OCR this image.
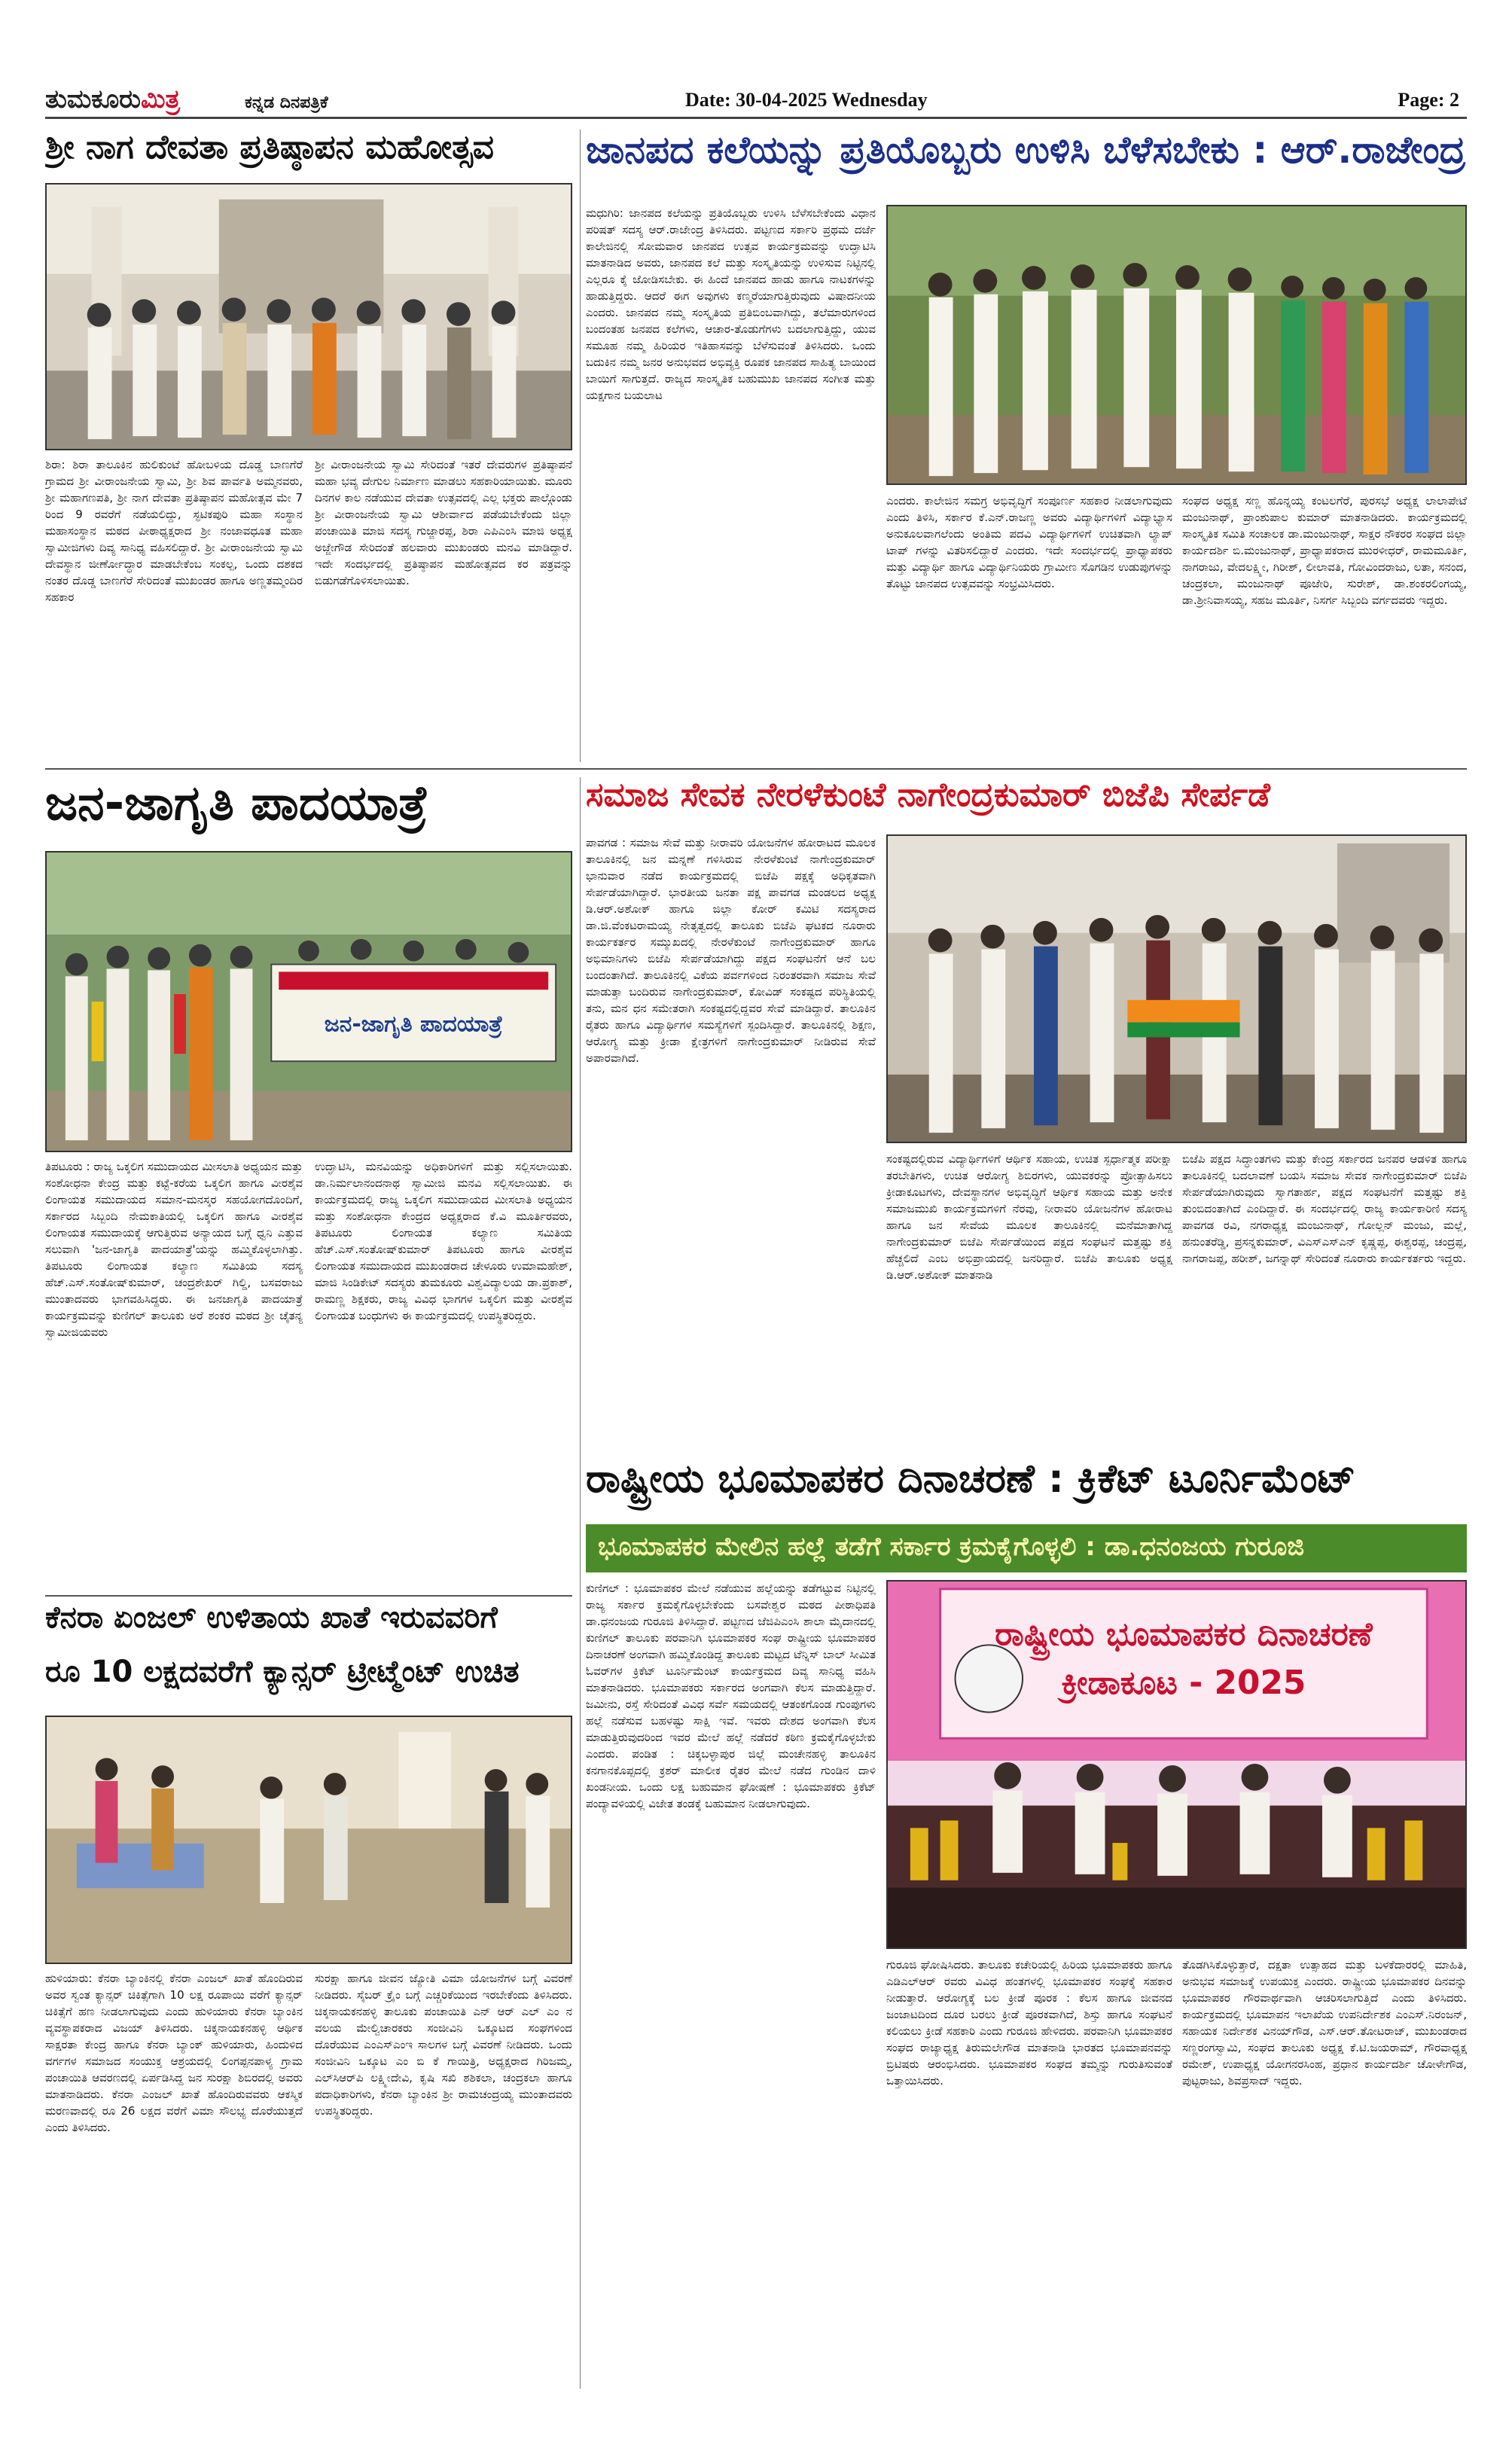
ತುಮಕೂರುಮಿತ್ರ	ಕನ್ನಡ ದಿನಪತ್ರಿಕೆ	Date: 30-04-2025 Wednesday	Page: 2
ಶ್ರೀ ನಾಗ ದೇವತಾ ಪ್ರತಿಷ್ಠಾಪನ ಮಹೋತ್ಸವ
ಶಿರಾ: ಶಿರಾ ತಾಲೂಕಿನ ಹುಲಿಕುಂಟೆ ಹೋಬಳಿಯ ದೊಡ್ಡ ಬಾಣಗೆರೆ ಗ್ರಾಮದ ಶ್ರೀ ವೀರಾಂಜನೇಯ ಸ್ವಾಮಿ, ಶ್ರೀ ಶಿವ ಪಾರ್ವತಿ ಅಮ್ಮನವರು, ಶ್ರೀ ಮಹಾಗಣಪತಿ, ಶ್ರೀ ನಾಗ ದೇವತಾ ಪ್ರತಿಷ್ಠಾಪನ ಮಹೋತ್ಸವ ಮೇ 7 ರಿಂದ 9 ರವರೆಗೆ ನಡೆಯಲಿದ್ದು, ಸ್ಫಟಿಕಪುರಿ ಮಹಾ ಸಂಸ್ಥಾನ ಮಹಾಸಂಸ್ಥಾನ ಮಠದ ಪೀಠಾಧ್ಯಕ್ಷರಾದ ಶ್ರೀ ನಂಜಾವಧೂತ ಮಹಾ ಸ್ವಾಮೀಜಿಗಳು ದಿವ್ಯ ಸಾನಿಧ್ಯ ವಹಿಸಲಿದ್ದಾರೆ. ಶ್ರೀ ವೀರಾಂಜನೇಯ ಸ್ವಾಮಿ ದೇವಸ್ಥಾನ ಜೀರ್ಣೋದ್ಧಾರ ಮಾಡಬೇಕೆಂಬ ಸಂಕಲ್ಪ, ಒಂದು ದಶಕದ ನಂತರ ದೊಡ್ಡ ಬಾಣಗೆರೆ ಸೇರಿದಂತೆ ಮುಖಂಡರ ಹಾಗೂ ಅಣ್ಣತಮ್ಮಂದಿರ ಸಹಕಾರ
ಶ್ರೀ ವೀರಾಂಜನೇಯ ಸ್ವಾಮಿ ಸೇರಿದಂತೆ ಇತರೆ ದೇವರುಗಳ ಪ್ರತಿಷ್ಠಾಪನೆ ಮಹಾ ಭವ್ಯ ದೇಗುಲ ನಿರ್ಮಾಣ ಮಾಡಲು ಸಹಕಾರಿಯಾಯಿತು. ಮೂರು ದಿನಗಳ ಕಾಲ ನಡೆಯುವ ದೇವತಾ ಉತ್ಸವದಲ್ಲಿ ಎಲ್ಲ ಭಕ್ತರು ಪಾಲ್ಗೊಂಡು ಶ್ರೀ ವೀರಾಂಜನೇಯ ಸ್ವಾಮಿ ಆಶೀರ್ವಾದ ಪಡೆಯಬೇಕೆಂದು ಜಿಲ್ಲಾ ಪಂಚಾಯಿತಿ ಮಾಜಿ ಸದಸ್ಯ ಗುಜ್ಜಾರಪ್ಪ, ಶಿರಾ ಎಪಿಎಂಸಿ ಮಾಜಿ ಅಧ್ಯಕ್ಷ ಅಜ್ಜೇಗೌಡ ಸೇರಿದಂತೆ ಹಲವಾರು ಮುಖಂಡರು ಮನವಿ ಮಾಡಿದ್ದಾರೆ. ಇದೇ ಸಂದರ್ಭದಲ್ಲಿ ಪ್ರತಿಷ್ಠಾಪನ ಮಹೋತ್ಸವದ ಕರ ಪತ್ರವನ್ನು ಬಿಡುಗಡೆಗೊಳಿಸಲಾಯಿತು.
ಜಾನಪದ ಕಲೆಯನ್ನು ಪ್ರತಿಯೊಬ್ಬರು ಉಳಿಸಿ ಬೆಳೆಸಬೇಕು : ಆರ್.ರಾಜೇಂದ್ರ
ಮಧುಗಿರಿ: ಜಾನಪದ ಕಲೆಯನ್ನು ಪ್ರತಿಯೊಬ್ಬರು ಉಳಿಸಿ ಬೆಳೆಸಬೇಕೆಂದು ವಿಧಾನ ಪರಿಷತ್ ಸದಸ್ಯ ಆರ್.ರಾಜೇಂದ್ರ ತಿಳಿಸಿದರು. ಪಟ್ಟಣದ ಸರ್ಕಾರಿ ಪ್ರಥಮ ದರ್ಜೆ ಕಾಲೇಜಿನಲ್ಲಿ ಸೋಮವಾರ ಜಾನಪದ ಉತ್ಸವ ಕಾರ್ಯಕ್ರಮವನ್ನು ಉದ್ಘಾಟಿಸಿ ಮಾತನಾಡಿದ ಅವರು, ಜಾನಪದ ಕಲೆ ಮತ್ತು ಸಂಸ್ಕೃತಿಯನ್ನು ಉಳಿಸುವ ನಿಟ್ಟಿನಲ್ಲಿ ಎಲ್ಲರೂ ಕೈ ಜೋಡಿಸಬೇಕು. ಈ ಹಿಂದೆ ಜಾನಪದ ಹಾಡು ಹಾಗೂ ನಾಟಕಗಳನ್ನು ಹಾಡುತ್ತಿದ್ದರು. ಆದರೆ ಈಗ ಅವುಗಳು ಕಣ್ಮರೆಯಾಗುತ್ತಿರುವುದು ವಿಷಾದನೀಯ ಎಂದರು. ಜಾನಪದ ನಮ್ಮ ಸಂಸ್ಕೃತಿಯ ಪ್ರತಿಬಿಂಬವಾಗಿದ್ದು, ತಲೆಮಾರುಗಳಿಂದ ಬಂದಂತಹ ಜನಪದ ಕಲೆಗಳು, ಆಚಾರ-ತೊಡುಗೆಗಳು ಬದಲಾಗುತ್ತಿದ್ದು, ಯುವ ಸಮೂಹ ನಮ್ಮ ಹಿರಿಯರ ಇತಿಹಾಸವನ್ನು ಬೆಳೆಸುವಂತೆ ತಿಳಿಸಿದರು. ಒಂದು ಬದುಕಿನ ನಮ್ಮ ಜನರ ಅನುಭವದ ಅಭಿವ್ಯಕ್ತಿ ರೂಪಕ ಜಾನಪದ ಸಾಹಿತ್ಯ ಬಾಯಿಂದ ಬಾಯಿಗೆ ಸಾಗುತ್ತದೆ. ರಾಜ್ಯದ ಸಾಂಸ್ಕೃತಿಕ ಬಹುಮುಖ ಜಾನಪದ ಸಂಗೀತ ಮತ್ತು ಯಕ್ಷಗಾನ ಬಯಲಾಟ
ಎಂದರು. ಕಾಲೇಜಿನ ಸಮಗ್ರ ಅಭಿವೃದ್ಧಿಗೆ ಸಂಪೂರ್ಣ ಸಹಕಾರ ನೀಡಲಾಗುವುದು ಎಂದು ತಿಳಿಸಿ, ಸರ್ಕಾರ ಕೆ.ಎನ್.ರಾಜಣ್ಣ ಅವರು ವಿದ್ಯಾರ್ಥಿಗಳಿಗೆ ವಿದ್ಯಾಭ್ಯಾಸ ಅನುಕೂಲವಾಗಲೆಂದು ಅಂತಿಮ ಪದವಿ ವಿದ್ಯಾರ್ಥಿಗಳಿಗೆ ಉಚಿತವಾಗಿ ಲ್ಯಾಪ್ ಟಾಪ್ ಗಳನ್ನು ವಿತರಿಸಲಿದ್ದಾರೆ ಎಂದರು. ಇದೇ ಸಂದರ್ಭದಲ್ಲಿ ಪ್ರಾಧ್ಯಾಪಕರು ಮತ್ತು ವಿದ್ಯಾರ್ಥಿ ಹಾಗೂ ವಿದ್ಯಾರ್ಥಿನಿಯರು ಗ್ರಾಮೀಣ ಸೊಗಡಿನ ಉಡುಪುಗಳನ್ನು ತೊಟ್ಟು ಜಾನಪದ ಉತ್ಸವವನ್ನು ಸಂಭ್ರಮಿಸಿದರು.
ಸಂಘದ ಅಧ್ಯಕ್ಷ ಸಣ್ಣ ಹೊನ್ನಯ್ಯ ಕಂಟಲಗೆರೆ, ಪುರಸಭೆ ಅಧ್ಯಕ್ಷ ಲಾಲಾಪೇಟೆ ಮಂಜುನಾಥ್, ಪ್ರಾಂಶುಪಾಲ ಕುಮಾರ್ ಮಾತನಾಡಿದರು. ಕಾರ್ಯಕ್ರಮದಲ್ಲಿ ಸಾಂಸ್ಕೃತಿಕ ಸಮಿತಿ ಸಂಚಾಲಕ ಡಾ.ಮಂಜುನಾಥ್, ಸಾಕ್ಷರ ನೌಕರರ ಸಂಘದ ಜಿಲ್ಲಾ ಕಾರ್ಯದರ್ಶಿ ಬಿ.ಮಂಜುನಾಥ್, ಪ್ರಾಧ್ಯಾಪಕರಾದ ಮುರಳೀಧರ್, ರಾಮಮೂರ್ತಿ, ನಾಗರಾಜು, ವೇದಲಕ್ಷ್ಮೀ, ಗಿರೀಶ್, ಲೀಲಾವತಿ, ಗೋವಿಂದರಾಜು, ಲತಾ, ಸನಂದ, ಚಂದ್ರಕಲಾ, ಮಂಜುನಾಥ್ ಪೂಜೇರಿ, ಸುರೇಶ್, ಡಾ.ಶಂಕರಲಿಂಗಯ್ಯ, ಡಾ.ಶ್ರೀನಿವಾಸಯ್ಯ, ಸಹಜ ಮೂರ್ತಿ, ನಿಸರ್ಗ ಸಿಬ್ಬಂದಿ ವರ್ಗದವರು ಇದ್ದರು.
ಜನ-ಜಾಗೃತಿ ಪಾದಯಾತ್ರೆ
ಜನ-ಜಾಗೃತಿ ಪಾದಯಾತ್ರೆ
ತಿಪಟೂರು : ರಾಜ್ಯ ಒಕ್ಕಲಿಗ ಸಮುದಾಯದ ಮೀಸಲಾತಿ ಅಧ್ಯಯನ ಮತ್ತು ಸಂಶೋಧನಾ ಕೇಂದ್ರ ಮತ್ತು ಕಟ್ಟೆ-ಕರೆಯ ಒಕ್ಕಲಿಗ ಹಾಗೂ ವೀರಶೈವ ಲಿಂಗಾಯತ ಸಮುದಾಯದ ಸಮಾನ-ಮನಸ್ಕರ ಸಹಯೋಗದೊಂದಿಗೆ, ಸರ್ಕಾರದ ಸಿಬ್ಬಂದಿ ನೇಮಕಾತಿಯಲ್ಲಿ ಒಕ್ಕಲಿಗ ಹಾಗೂ ವೀರಶೈವ ಲಿಂಗಾಯತ ಸಮುದಾಯಕ್ಕೆ ಆಗುತ್ತಿರುವ ಅನ್ಯಾಯದ ಬಗ್ಗೆ ಧ್ವನಿ ಎತ್ತುವ ಸಲುವಾಗಿ 'ಜನ-ಜಾಗೃತಿ ಪಾದಯಾತ್ರೆ'ಯನ್ನು ಹಮ್ಮಿಕೊಳ್ಳಲಾಗಿತ್ತು. ತಿಪಟೂರು ಲಿಂಗಾಯತ ಕಲ್ಯಾಣ ಸಮಿತಿಯ ಸದಸ್ಯ ಹೆಚ್.ಎಸ್.ಸಂತೋಷ್‌ಕುಮಾರ್, ಚಂದ್ರಶೇಖರ್ ಗಿಲ್ಡಿ, ಬಸವರಾಜು ಮುಂತಾದವರು ಭಾಗವಹಿಸಿದ್ದರು. ಈ ಜನಜಾಗೃತಿ ಪಾದಯಾತ್ರೆ ಕಾರ್ಯಕ್ರಮವನ್ನು ಕುಣಿಗಲ್ ತಾಲೂಕು ಅರೆ ಶಂಕರ ಮಠದ ಶ್ರೀ ಚೈತನ್ಯ ಸ್ವಾಮೀಜಿಯವರು
ಉದ್ಘಾಟಿಸಿ, ಮನವಿಯನ್ನು ಅಧಿಕಾರಿಗಳಿಗೆ ಮತ್ತು ಸಲ್ಲಿಸಲಾಯಿತು. ಡಾ.ನಿರ್ಮಲಾನಂದನಾಥ ಸ್ವಾಮೀಜಿ ಮನವಿ ಸಲ್ಲಿಸಲಾಯಿತು. ಈ ಕಾರ್ಯಕ್ರಮದಲ್ಲಿ ರಾಜ್ಯ ಒಕ್ಕಲಿಗ ಸಮುದಾಯದ ಮೀಸಲಾತಿ ಅಧ್ಯಯನ ಮತ್ತು ಸಂಶೋಧನಾ ಕೇಂದ್ರದ ಅಧ್ಯಕ್ಷರಾದ ಕೆ.ವಿ ಮೂರ್ತಿರವರು, ತಿಪಟೂರು ಲಿಂಗಾಯತ ಕಲ್ಯಾಣ ಸಮಿತಿಯ ಹೆಚ್.ಎಸ್.ಸಂತೋಷ್‌ಕುಮಾರ್ ತಿಪಟೂರು ಹಾಗೂ ವೀರಶೈವ ಲಿಂಗಾಯತ ಸಮುದಾಯದ ಮುಖಂಡರಾದ ಚೇಳೂರು ಉಮಾಮಹೇಶ್, ಮಾಜಿ ಸಿಂಡಿಕೇಟ್ ಸದಸ್ಯರು ತುಮಕೂರು ವಿಶ್ವವಿದ್ಯಾಲಯ ಡಾ.ಪ್ರಕಾಶ್, ರಾಮಣ್ಣ ಶಿಕ್ಷಕರು, ರಾಜ್ಯ ವಿವಿಧ ಭಾಗಗಳ ಒಕ್ಕಲಿಗ ಮತ್ತು ವೀರಶೈವ ಲಿಂಗಾಯತ ಬಂಧುಗಳು ಈ ಕಾರ್ಯಕ್ರಮದಲ್ಲಿ ಉಪಸ್ಥಿತರಿದ್ದರು.
ಸಮಾಜ ಸೇವಕ ನೇರಳೆಕುಂಟೆ ನಾಗೇಂದ್ರಕುಮಾರ್ ಬಿಜೆಪಿ ಸೇರ್ಪಡೆ
ಪಾವಗಡ : ಸಮಾಜ ಸೇವೆ ಮತ್ತು ನೀರಾವರಿ ಯೋಜನೆಗಳ ಹೋರಾಟದ ಮೂಲಕ ತಾಲೂಕಿನಲ್ಲಿ ಜನ ಮನ್ನಣೆ ಗಳಿಸಿರುವ ನೇರಳೆಕುಂಟೆ ನಾಗೇಂದ್ರಕುಮಾರ್ ಭಾನುವಾರ ನಡೆದ ಕಾರ್ಯಕ್ರಮದಲ್ಲಿ ಬಿಜೆಪಿ ಪಕ್ಷಕ್ಕೆ ಅಧಿಕೃತವಾಗಿ ಸೇರ್ಪಡೆಯಾಗಿದ್ದಾರೆ. ಭಾರತೀಯ ಜನತಾ ಪಕ್ಷ ಪಾವಗಡ ಮಂಡಲದ ಅಧ್ಯಕ್ಷ ಡಿ.ಆರ್.ಅಶೋಕ್ ಹಾಗೂ ಜಿಲ್ಲಾ ಕೋರ್ ಕಮಿಟಿ ಸದಸ್ಯರಾದ ಡಾ.ಜಿ.ವೆಂಕಟರಾಮಯ್ಯ ನೇತೃತ್ವದಲ್ಲಿ ತಾಲೂಕು ಬಿಜೆಪಿ ಘಟಕದ ನೂರಾರು ಕಾರ್ಯಕರ್ತರ ಸಮ್ಮುಖದಲ್ಲಿ ನೇರಳೆಕುಂಟೆ ನಾಗೇಂದ್ರಕುಮಾರ್ ಹಾಗೂ ಅಭಿಮಾನಿಗಳು ಬಿಜೆಪಿ ಸೇರ್ಪಡೆಯಾಗಿದ್ದು ಪಕ್ಷದ ಸಂಘಟನೆಗೆ ಆನೆ ಬಲ ಬಂದಂತಾಗಿದೆ. ತಾಲೂಕಿನಲ್ಲಿ ವಿಕೆಯ ಪರ್ವಗಳಿಂದ ನಿರಂತರವಾಗಿ ಸಮಾಜ ಸೇವೆ ಮಾಡುತ್ತಾ ಬಂದಿರುವ ನಾಗೇಂದ್ರಕುಮಾರ್, ಕೋವಿಡ್ ಸಂಕಷ್ಟದ ಪರಿಸ್ಥಿತಿಯಲ್ಲಿ ತನು, ಮನ ಧನ ಸಮೇತರಾಗಿ ಸಂಕಷ್ಟದಲ್ಲಿದ್ದವರ ಸೇವೆ ಮಾಡಿದ್ದಾರೆ. ತಾಲೂಕಿನ ರೈತರು ಹಾಗೂ ವಿದ್ಯಾರ್ಥಿಗಳ ಸಮಸ್ಯೆಗಳಿಗೆ ಸ್ಪಂದಿಸಿದ್ದಾರೆ. ತಾಲೂಕಿನಲ್ಲಿ ಶಿಕ್ಷಣ, ಆರೋಗ್ಯ ಮತ್ತು ಕ್ರೀಡಾ ಕ್ಷೇತ್ರಗಳಿಗೆ ನಾಗೇಂದ್ರಕುಮಾರ್ ನೀಡಿರುವ ಸೇವೆ ಅಪಾರವಾಗಿದೆ.
ಸಂಕಷ್ಟದಲ್ಲಿರುವ ವಿದ್ಯಾರ್ಥಿಗಳಿಗೆ ಆರ್ಥಿಕ ಸಹಾಯ, ಉಚಿತ ಸ್ಪರ್ಧಾತ್ಮಕ ಪರೀಕ್ಷಾ ತರಬೇತಿಗಳು, ಉಚಿತ ಆರೋಗ್ಯ ಶಿಬಿರಗಳು, ಯುವಕರನ್ನು ಪ್ರೋತ್ಸಾಹಿಸಲು ಕ್ರೀಡಾಕೂಟಗಳು, ದೇವಸ್ಥಾನಗಳ ಅಭಿವೃದ್ಧಿಗೆ ಆರ್ಥಿಕ ಸಹಾಯ ಮತ್ತು ಅನೇಕ ಸಮಾಜಮುಖಿ ಕಾರ್ಯಕ್ರಮಗಳಿಗೆ ನೆರವು, ನೀರಾವರಿ ಯೋಜನೆಗಳ ಹೋರಾಟ ಹಾಗೂ ಜನ ಸೇವೆಯ ಮೂಲಕ ತಾಲೂಕಿನಲ್ಲಿ ಮನೆಮಾತಾಗಿದ್ದ ನಾಗೇಂದ್ರಕುಮಾರ್ ಬಿಜೆಪಿ ಸೇರ್ಪಡೆಯಿಂದ ಪಕ್ಷದ ಸಂಘಟನೆ ಮತ್ತಷ್ಟು ಶಕ್ತಿ ಹೆಚ್ಚಲಿದೆ ಎಂಬ ಅಭಿಪ್ರಾಯದಲ್ಲಿ ಜನರಿದ್ದಾರೆ. ಬಿಜೆಪಿ ತಾಲೂಕು ಅಧ್ಯಕ್ಷ ಡಿ.ಆರ್.ಅಶೋಕ್ ಮಾತನಾಡಿ
ಬಿಜೆಪಿ ಪಕ್ಷದ ಸಿದ್ಧಾಂತಗಳು ಮತ್ತು ಕೇಂದ್ರ ಸರ್ಕಾರದ ಜನಪರ ಆಡಳಿತ ಹಾಗೂ ತಾಲೂಕಿನಲ್ಲಿ ಬದಲಾವಣೆ ಬಯಸಿ ಸಮಾಜ ಸೇವಕ ನಾಗೇಂದ್ರಕುಮಾರ್ ಬಿಜೆಪಿ ಸೇರ್ಪಡೆಯಾಗಿರುವುದು ಸ್ವಾಗತಾರ್ಹ, ಪಕ್ಷದ ಸಂಘಟನೆಗೆ ಮತ್ತಷ್ಟು ಶಕ್ತಿ ತುಂಬಿದಂತಾಗಿದೆ ಎಂದಿದ್ದಾರೆ. ಈ ಸಂದರ್ಭದಲ್ಲಿ ರಾಜ್ಯ ಕಾರ್ಯಕಾರಿಣಿ ಸದಸ್ಯ ಪಾವಗಡ ರವಿ, ನಗರಾಧ್ಯಕ್ಷ ಮಂಜುನಾಥ್, ಗೋಲ್ಲನ್ ಮಂಜು, ಮಲ್ಲೆ, ಹನುಂತರೆಡ್ಡಿ, ಪ್ರಸನ್ನಕುಮಾರ್, ವಿಎಸ್‌ಎಸ್‌ಎನ್ ಕೃಷ್ಣಪ್ಪ, ಈಶ್ವರಪ್ಪ, ಚಂದ್ರಪ್ಪ, ನಾಗರಾಜಪ್ಪ, ಹರೀಶ್, ಜಗನ್ನಾಥ್ ಸೇರಿದಂತೆ ನೂರಾರು ಕಾರ್ಯಕರ್ತರು ಇದ್ದರು.
ರಾಷ್ಟ್ರೀಯ ಭೂಮಾಪಕರ ದಿನಾಚರಣೆ : ಕ್ರಿಕೆಟ್ ಟೂರ್ನಿಮೆಂಟ್
ಭೂಮಾಪಕರ ಮೇಲಿನ ಹಲ್ಲೆ ತಡೆಗೆ ಸರ್ಕಾರ ಕ್ರಮಕೈಗೊಳ್ಳಲಿ : ಡಾ.ಧನಂಜಯ ಗುರೂಜಿ
ಕೆನರಾ ಏಂಜಲ್ ಉಳಿತಾಯ ಖಾತೆ ಇರುವವರಿಗೆ
ರೂ 10 ಲಕ್ಷದವರೆಗೆ ಕ್ಯಾನ್ಸರ್ ಟ್ರೀಟ್ಮೆಂಟ್ ಉಚಿತ
ಹುಳಿಯಾರು: ಕೆನರಾ ಬ್ಯಾಂಕಿನಲ್ಲಿ ಕೆನರಾ ಎಂಜಲ್ ಖಾತೆ ಹೊಂದಿರುವ ಅವರ ಸ್ವಂತ ಕ್ಯಾನ್ಸರ್ ಚಿಕಿತ್ಸೆಗಾಗಿ 10 ಲಕ್ಷ ರೂಪಾಯಿ ವರೆಗೆ ಕ್ಯಾನ್ಸರ್ ಚಿಕಿತ್ಸೆಗೆ ಹಣ ನೀಡಲಾಗುವುದು ಎಂದು ಹುಳಿಯಾರು ಕೆನರಾ ಬ್ಯಾಂಕಿನ ವ್ಯವಸ್ಥಾಪಕರಾದ ವಿಜಯ್ ತಿಳಿಸಿದರು. ಚಿಕ್ಕನಾಯಕನಹಳ್ಳಿ ಆರ್ಥಿಕ ಸಾಕ್ಷರತಾ ಕೇಂದ್ರ ಹಾಗೂ ಕೆನರಾ ಬ್ಯಾಂಕ್ ಹುಳಿಯಾರು, ಹಿಂದುಳಿದ ವರ್ಗಗಳ ಸಮಾಜದ ಸಂಯುಕ್ತ ಆಶ್ರಯದಲ್ಲಿ ಲಿಂಗಪ್ಪನಪಾಳ್ಯ ಗ್ರಾಮ ಪಂಚಾಯಿತಿ ಆವರಣದಲ್ಲಿ ಏರ್ಪಡಿಸಿದ್ದ ಜನ ಸುರಕ್ಷಾ ಶಿಬಿರದಲ್ಲಿ ಅವರು ಮಾತನಾಡಿದರು. ಕೆನರಾ ಎಂಜಲ್ ಖಾತೆ ಹೊಂದಿರುವವರು ಆಕಸ್ಮಿಕ ಮರಣವಾದಲ್ಲಿ ರೂ 26 ಲಕ್ಷದ ವರೆಗೆ ವಿಮಾ ಸೌಲಭ್ಯ ದೊರೆಯುತ್ತದೆ ಎಂದು ತಿಳಿಸಿದರು.
ಸುರಕ್ಷಾ ಹಾಗೂ ಜೀವನ ಜ್ಯೋತಿ ವಿಮಾ ಯೋಜನೆಗಳ ಬಗ್ಗೆ ವಿವರಣೆ ನೀಡಿದರು. ಸೈಬರ್ ಕ್ರೈಂ ಬಗ್ಗೆ ಎಚ್ಚರಿಕೆಯಿಂದ ಇರಬೇಕೆಂದು ತಿಳಿಸಿದರು. ಚಿಕ್ಕನಾಯಕನಹಳ್ಳಿ ತಾಲೂಕು ಪಂಚಾಯಿತಿ ಎನ್ ಆರ್ ಎಲ್ ಎಂ ನ ವಲಯ ಮೇಲ್ವಿಚಾರಕರು ಸಂಜೀವಿನಿ ಒಕ್ಕೂಟದ ಸಂಘಗಳಿಂದ ದೊರೆಯುವ ಎಂಎಸ್‌ಎಂಇ ಸಾಲಗಳ ಬಗ್ಗೆ ವಿವರಣೆ ನೀಡಿದರು. ಒಂದು ಸಂಜೀವಿನಿ ಒಕ್ಕೂಟ ಎಂ ಬಿ ಕೆ ಗಾಯಿತ್ರಿ, ಅಧ್ಯಕ್ಷರಾದ ಗಿರಿಜಮ್ಮ, ಎಲ್‌ಸಿಆರ್‌ಪಿ ಲಕ್ಷ್ಮೀದೇವಿ, ಕೃಷಿ ಸಖಿ ಶಶಿಕಲಾ, ಚಂದ್ರಕಲಾ ಹಾಗೂ ಪದಾಧಿಕಾರಿಗಳು, ಕೆನರಾ ಬ್ಯಾಂಕಿನ ಶ್ರೀ ರಾಮಚಂದ್ರಯ್ಯ ಮುಂತಾದವರು ಉಪಸ್ಥಿತರಿದ್ದರು.
ಕುಣಿಗಲ್ : ಭೂಮಾಪಕರ ಮೇಲೆ ನಡೆಯುವ ಹಲ್ಲೆಯನ್ನು ತಡೆಗಟ್ಟುವ ನಿಟ್ಟಿನಲ್ಲಿ ರಾಜ್ಯ ಸರ್ಕಾರ ಕ್ರಮಕೈಗೊಳ್ಳಬೇಕೆಂದು ಬಸವೇಶ್ವರ ಮಠದ ಪೀಠಾಧಿಪತಿ ಡಾ.ಧನಂಜಯ ಗುರೂಜಿ ತಿಳಿಸಿದ್ದಾರೆ. ಪಟ್ಟಣದ ಜೆಜಿಪಿಎಂಸಿ ಶಾಲಾ ಮೈದಾನದಲ್ಲಿ ಕುಣಿಗಲ್ ತಾಲೂಕು ಪರವಾನಿಗಿ ಭೂಮಾಪಕರ ಸಂಘ ರಾಷ್ಟ್ರೀಯ ಭೂಮಾಪಕರ ದಿನಾಚರಣೆ ಅಂಗವಾಗಿ ಹಮ್ಮಿಕೊಂಡಿದ್ದ ತಾಲೂಕು ಮಟ್ಟದ ಟೆನ್ನಿಸ್ ಬಾಲ್ ಸೀಮಿತ ಓವರ್‌ಗಳ ಕ್ರಿಕೆಟ್ ಟೂರ್ನಿಮೆಂಟ್ ಕಾರ್ಯಕ್ರಮದ ದಿವ್ಯ ಸಾನಿಧ್ಯ ವಹಿಸಿ ಮಾತನಾಡಿದರು. ಭೂಮಾಪಕರು ಸರ್ಕಾರದ ಅಂಗವಾಗಿ ಕೆಲಸ ಮಾಡುತ್ತಿದ್ದಾರೆ. ಜಮೀನು, ರಸ್ತೆ ಸೇರಿದಂತೆ ವಿವಿಧ ಸರ್ವೆ ಸಮಯದಲ್ಲಿ ಆತಂಕಗೊಂಡ ಗುಂಪುಗಳು ಹಲ್ಲೆ ನಡೆಸುವ ಬಹಳಷ್ಟು ಸಾಕ್ಷಿ ಇವೆ. ಇವರು ದೇಶದ ಅಂಗವಾಗಿ ಕೆಲಸ ಮಾಡುತ್ತಿರುವುದರಿಂದ ಇವರ ಮೇಲೆ ಹಲ್ಲೆ ನಡೆದರೆ ಕಠಿಣ ಕ್ರಮಕೈಗೊಳ್ಳಬೇಕು ಎಂದರು. ಪಂಡಿತ : ಚಿಕ್ಕಬಳ್ಳಾಪುರ ಜಿಲ್ಲೆ ಮಂಚೇನಹಳ್ಳಿ ತಾಲೂಕಿನ ಕನಗಾನಕೊಪ್ಪದಲ್ಲಿ ಕ್ರಶರ್ ಮಾಲೀಕ ರೈತರ ಮೇಲೆ ನಡೆದ ಗುಂಡಿನ ದಾಳಿ ಖಂಡನೀಯ. ಒಂದು ಲಕ್ಷ ಬಹುಮಾನ ಘೋಷಣೆ : ಭೂಮಾಪಕರು ಕ್ರಿಕೆಟ್ ಪಂದ್ಯಾವಳಿಯಲ್ಲಿ ವಿಜೇತ ತಂಡಕ್ಕೆ ಬಹುಮಾನ ನೀಡಲಾಗುವುದು.
ರಾಷ್ಟ್ರೀಯ ಭೂಮಾಪಕರ ದಿನಾಚರಣೆ
ಕ್ರೀಡಾಕೂಟ - 2025
ಗುರೂಜಿ ಘೋಷಿಸಿದರು. ತಾಲೂಕು ಕಚೇರಿಯಲ್ಲಿ ಹಿರಿಯ ಭೂಮಾಪಕರು ಹಾಗೂ ಎಡಿಎಲ್‌ಆರ್ ರವರು ವಿವಿಧ ಹಂತಗಳಲ್ಲಿ ಭೂಮಾಪಕರ ಸಂಘಕ್ಕೆ ಸಹಕಾರ ನೀಡುತ್ತಾರೆ. ಆರೋಗ್ಯಕ್ಕೆ ಬಲ ಕ್ರೀಡೆ ಪೂರಕ : ಕೆಲಸ ಹಾಗೂ ಜೀವನದ ಜಂಜಾಟದಿಂದ ದೂರ ಬರಲು ಕ್ರೀಡೆ ಪೂರಕವಾಗಿದೆ, ಶಿಸ್ತು ಹಾಗೂ ಸಂಘಟನೆ ಕಲಿಯಲು ಕ್ರೀಡೆ ಸಹಕಾರಿ ಎಂದು ಗುರೂಜಿ ಹೇಳಿದರು. ಪರವಾನಿಗಿ ಭೂಮಾಪಕರ ಸಂಘದ ರಾಜ್ಯಾಧ್ಯಕ್ಷ ತಿರುಮಲೇಗೌಡ ಮಾತನಾಡಿ ಭಾರತದ ಭೂಮಾಪನವನ್ನು ಬ್ರಿಟಿಷರು ಆರಂಭಿಸಿದರು. ಭೂಮಾಪಕರ ಸಂಘದ ತಮ್ಮನ್ನು ಗುರುತಿಸುವಂತೆ ಒತ್ತಾಯಿಸಿದರು.
ತೊಡಗಿಸಿಕೊಳ್ಳುತ್ತಾರೆ, ದಕ್ಷತಾ ಉತ್ಸಾಹದ ಮತ್ತು ಬಳಕೆದಾರರಲ್ಲಿ ಮಾಹಿತಿ, ಅನುಭವ ಸಮಾಜಕ್ಕೆ ಉಪಯುಕ್ತ ಎಂದರು. ರಾಷ್ಟ್ರೀಯ ಭೂಮಾಪಕರ ದಿನವನ್ನು ಭೂಮಾಪಕರ ಗೌರವಾರ್ಥವಾಗಿ ಆಚರಿಸಲಾಗುತ್ತಿದೆ ಎಂದು ತಿಳಿಸಿದರು. ಕಾರ್ಯಕ್ರಮದಲ್ಲಿ ಭೂಮಾಪನ ಇಲಾಖೆಯ ಉಪನಿರ್ದೇಶಕ ಎಂಎಸ್.ನಿರಂಜನ್, ಸಹಾಯಕ ನಿರ್ದೇಶಕ ವಿನಯ್‌ಗೌಡ, ಎಸ್.ಆರ್.ತೋಟರಾಜ್, ಮುಖಂಡರಾದ ಸಣ್ಣರಂಗಸ್ವಾಮಿ, ಸಂಘದ ತಾಲೂಕು ಅಧ್ಯಕ್ಷ ಕೆ.ಟಿ.ಜಯರಾಮ್, ಗೌರವಾಧ್ಯಕ್ಷ ರಮೇಶ್, ಉಪಾಧ್ಯಕ್ಷ ಯೋಗನರಸಿಂಹ, ಪ್ರಧಾನ ಕಾರ್ಯದರ್ಶಿ ಚೋಳೇಗೌಡ, ಪುಟ್ಟರಾಜು, ಶಿವಪ್ರಸಾದ್ ಇದ್ದರು.
